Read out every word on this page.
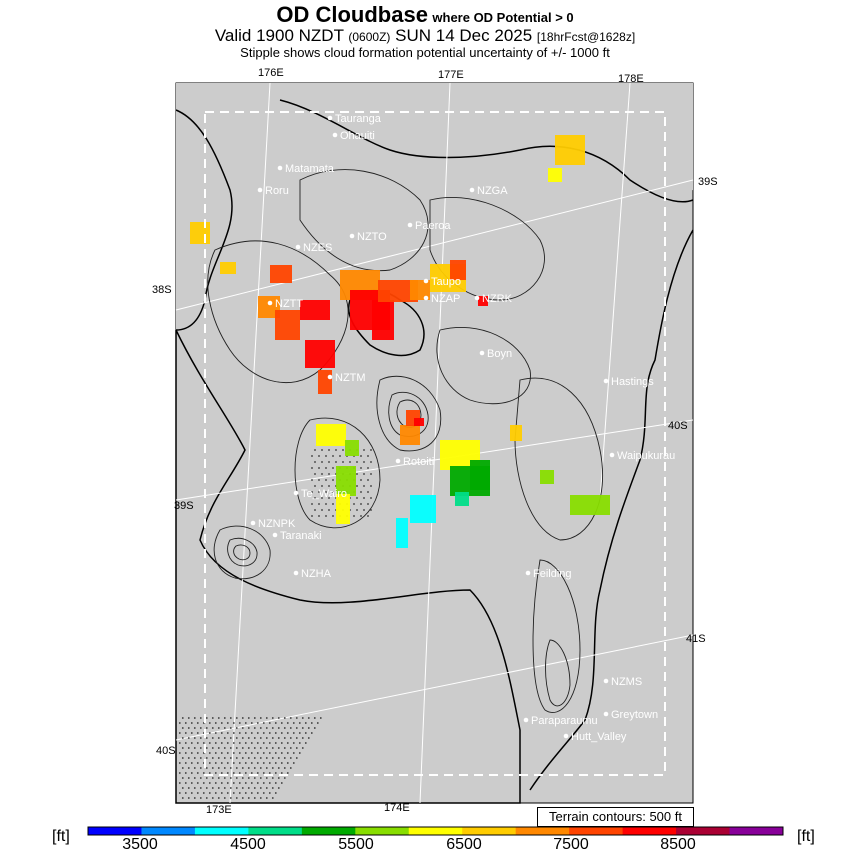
OD Cloudbase where OD Potential > 0
Valid 1900 NZDT (0600Z) SUN 14 Dec 2025 [18hrFcst@1628z]
Stipple shows cloud formation potential uncertainty of +/- 1000 ft
Tauranga
Ohauiti
Matamata
Roru	NZGA
Paeroa
NZTO
NZES
Taupo
NZAP NZRK
NZTT
Boyn
NZTM	Hastings
Waipukurau
Rotoiti
Te_Wairo
NZNPK
Taranaki
NZHA	Feilding
NZMS
Greytown
Paraparaumu
Hutt_Valley
176E	177E	178E
173E	174E
39S
40S
41S
38S
39S
40S
Terrain contours: 500 ft
[ft]	[ft]
3500	4500	5500	6500	7500	8500
